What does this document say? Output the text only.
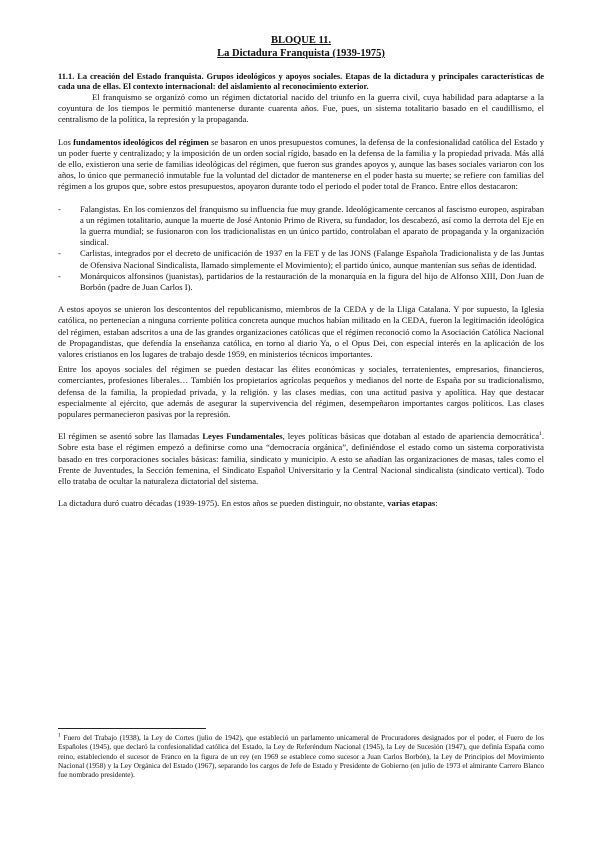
BLOQUE 11.
La Dictadura Franquista (1939-1975)
11.1. La creación del Estado franquista. Grupos ideológicos y apoyos sociales. Etapas de la dictadura y principales características de cada una de ellas. El contexto internacional: del aislamiento al reconocimiento exterior.

El franquismo se organizó como un régimen dictatorial nacido del triunfo en la guerra civil, cuya habilidad para adaptarse a la coyuntura de los tiempos le permitió mantenerse durante cuarenta años. Fue, pues, un sistema totalitario basado en el caudillismo, el centralismo de la política, la represión y la propaganda.

Los fundamentos ideológicos del régimen se basaron en unos presupuestos comunes, la defensa de la confesionalidad católica del Estado y un poder fuerte y centralizado; y la imposición de un orden social rígido, basado en la defensa de la familia y la propiedad privada. Más allá de ello, existieron una serie de familias ideológicas del régimen, que fueron sus grandes apoyos y, aunque las bases sociales variaron con los años, lo único que permaneció inmutable fue la voluntad del dictador de mantenerse en el poder hasta su muerte; se refiere con familias del régimen a los grupos que, sobre estos presupuestos, apoyaron durante todo el periodo el poder total de Franco. Entre ellos destacaron:

- Falangistas. En los comienzos del franquismo su influencia fue muy grande. Ideológicamente cercanos al fascismo europeo, aspiraban a un régimen totalitario, aunque la muerte de José Antonio Primo de Rivera, su fundador, los descabezó, así como la derrota del Eje en la guerra mundial; se fusionaron con los tradicionalistas en un único partido, controlaban el aparato de propaganda y la organización sindical.
- Carlistas, integrados por el decreto de unificación de 1937 en la FET y de las JONS (Falange Española Tradicionalista y de las Juntas de Ofensiva Nacional Sindicalista, llamado simplemente el Movimiento); el partido único, aunque mantenían sus señas de identidad.
- Monárquicos alfonsinos (juanistas), partidarios de la restauración de la monarquía en la figura del hijo de Alfonso XIII, Don Juan de Borbón (padre de Juan Carlos I).

A estos apoyos se unieron los descontentos del republicanismo, miembros de la CEDA y de la Lliga Catalana. Y por supuesto, la Iglesia católica, no pertenecían a ninguna corriente política concreta aunque muchos habían militado en la CEDA, fueron la legitimación ideológica del régimen, estaban adscritos a una de las grandes organizaciones católicas que el régimen reconoció como la Asociación Católica Nacional de Propagandistas, que defendía la enseñanza católica, en torno al diario Ya, o el Opus Dei, con especial interés en la aplicación de los valores cristianos en los lugares de trabajo desde 1959, en ministerios técnicos importantes.

Entre los apoyos sociales del régimen se pueden destacar las élites económicas y sociales, terratenientes, empresarios, financieros, comerciantes, profesiones liberales… También los propietarios agrícolas pequeños y medianos del norte de España por su tradicionalismo, defensa de la familia, la propiedad privada, y la religión. y las clases medias, con una actitud pasiva y apolítica. Hay que destacar especialmente al ejército, que además de asegurar la supervivencia del régimen, desempeñaron importantes cargos políticos. Las clases populares permanecieron pasivas por la represión.

El régimen se asentó sobre las llamadas Leyes Fundamentales, leyes políticas básicas que dotaban al estado de apariencia democrática$^1$. Sobre esta base el régimen empezó a definirse como una “democracia orgánica”, definiéndose el estado como un sistema corporativista basado en tres corporaciones sociales básicas: familia, sindicato y municipio. A esto se añadían las organizaciones de masas, tales como el Frente de Juventudes, la Sección femenina, el Sindicato Español Universitario y la Central Nacional sindicalista (sindicato vertical). Todo ello trataba de ocultar la naturaleza dictatorial del sistema.

La dictadura duró cuatro décadas (1939-1975). En estos años se pueden distinguir, no obstante, varias etapas:

$^1$ Fuero del Trabajo (1938), la Ley de Cortes (julio de 1942), que estableció un parlamento unicameral de Procuradores designados por el poder, el Fuero de los Españoles (1945), que declaró la confesionalidad católica del Estado, la Ley de Referéndum Nacional (1945), la Ley de Sucesión (1947), que definía España como reino, estableciendo el sucesor de Franco en la figura de un rey (en 1969 se establece como sucesor a Juan Carlos Borbón), la Ley de Principios del Movimiento Nacional (1958) y la Ley Orgánica del Estado (1967), separando los cargos de Jefe de Estado y Presidente de Gobierno (en julio de 1973 el almirante Carrero Blanco fue nombrado presidente).
